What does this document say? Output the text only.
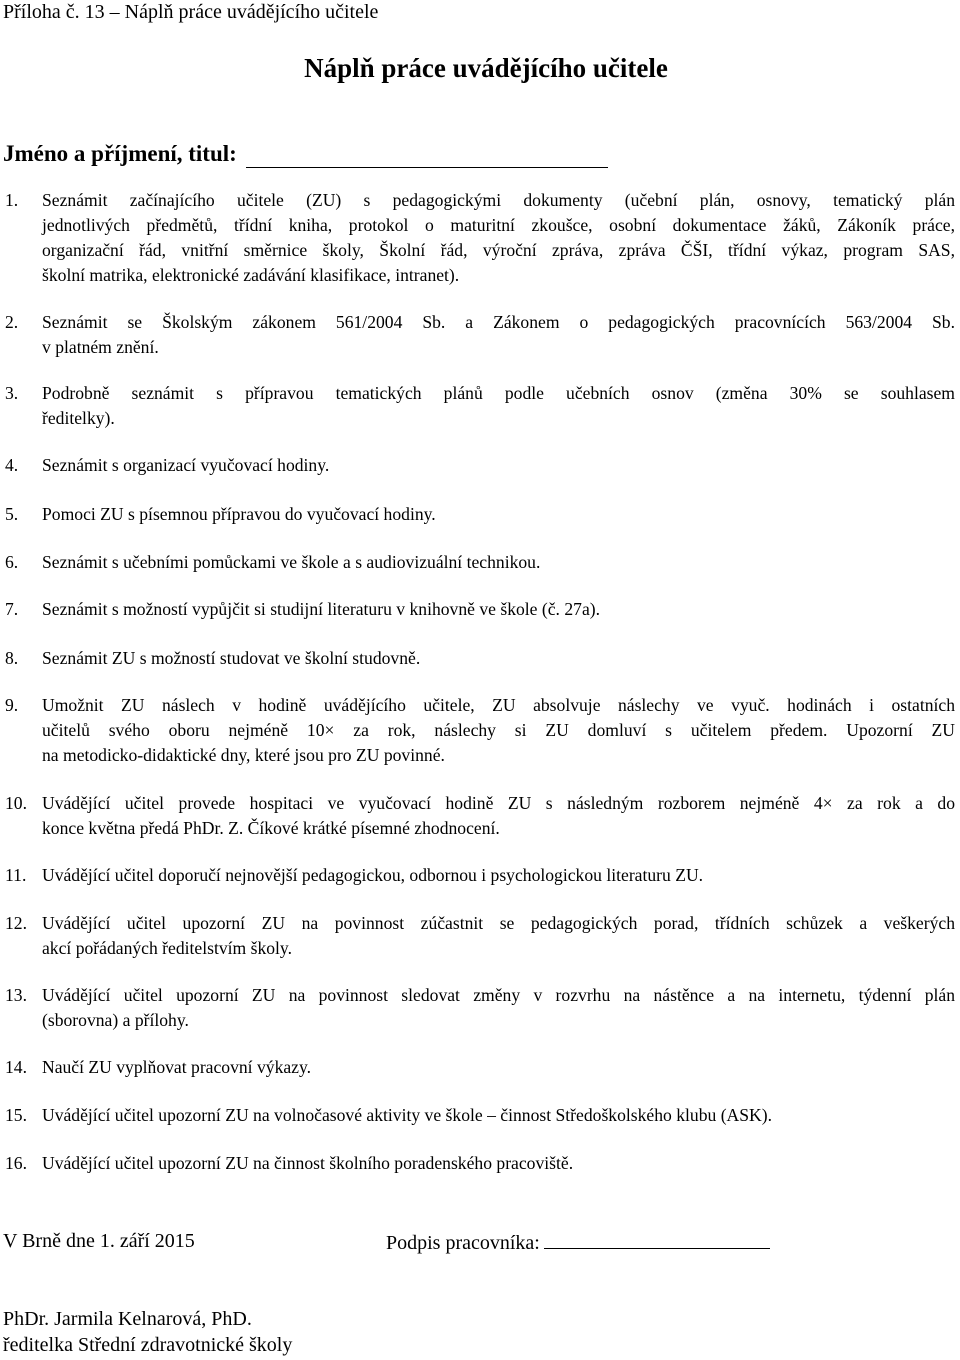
Příloha č. 13 – Náplň práce uvádějícího učitele
Náplň práce uvádějícího učitele
Jméno a příjmení, titul:
1. Seznámit začínajícího učitele (ZU) s pedagogickými dokumenty (učební plán, osnovy, tematický plán
jednotlivých předmětů, třídní kniha, protokol o maturitní zkoušce, osobní dokumentace žáků, Zákoník práce,
organizační řád, vnitřní směrnice školy, Školní řád, výroční zpráva, zpráva ČŠI, třídní výkaz, program SAS,
školní matrika, elektronické zadávání klasifikace, intranet).
2. Seznámit se Školským zákonem 561/2004 Sb. a Zákonem o pedagogických pracovnících 563/2004 Sb.
v platném znění.
3. Podrobně seznámit s přípravou tematických plánů podle učebních osnov (změna 30% se souhlasem
ředitelky).
4. Seznámit s organizací vyučovací hodiny.
5. Pomoci ZU s písemnou přípravou do vyučovací hodiny.
6. Seznámit s učebními pomůckami ve škole a s audiovizuální technikou.
7. Seznámit s možností vypůjčit si studijní literaturu v knihovně ve škole (č. 27a).
8. Seznámit ZU s možností studovat ve školní studovně.
9. Umožnit ZU náslech v hodině uvádějícího učitele, ZU absolvuje náslechy ve vyuč. hodinách i ostatních
učitelů svého oboru nejméně 10× za rok, náslechy si ZU domluví s učitelem předem. Upozorní ZU
na metodicko-didaktické dny, které jsou pro ZU povinné.
10. Uvádějící učitel provede hospitaci ve vyučovací hodině ZU s následným rozborem nejméně 4× za rok a do
konce května předá PhDr. Z. Číkové krátké písemné zhodnocení.
11. Uvádějící učitel doporučí nejnovější pedagogickou, odbornou i psychologickou literaturu ZU.
12. Uvádějící učitel upozorní ZU na povinnost zúčastnit se pedagogických porad, třídních schůzek a veškerých
akcí pořádaných ředitelstvím školy.
13. Uvádějící učitel upozorní ZU na povinnost sledovat změny v rozvrhu na nástěnce a na internetu, týdenní plán
(sborovna) a přílohy.
14. Naučí ZU vyplňovat pracovní výkazy.
15. Uvádějící učitel upozorní ZU na volnočasové aktivity ve škole – činnost Středoškolského klubu (ASK).
16. Uvádějící učitel upozorní ZU na činnost školního poradenského pracoviště.
V Brně dne 1. září 2015	Podpis pracovníka:
PhDr. Jarmila Kelnarová, PhD.
ředitelka Střední zdravotnické školy
